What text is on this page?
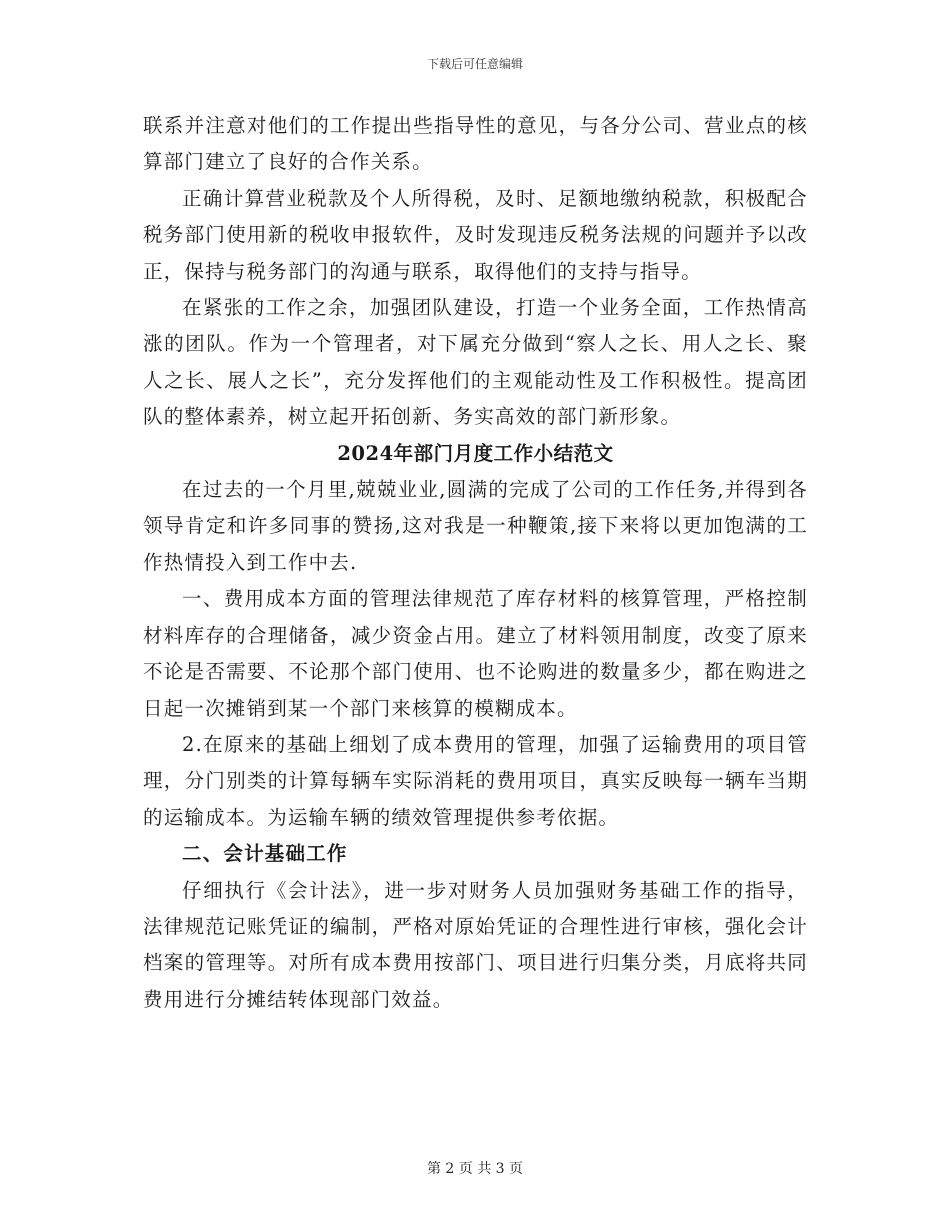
下载后可任意编辑

联系并注意对他们的工作提出些指导性的意见，与各分公司、营业点的核算部门建立了良好的合作关系。

正确计算营业税款及个人所得税，及时、足额地缴纳税款，积极配合税务部门使用新的税收申报软件，及时发现违反税务法规的问题并予以改正，保持与税务部门的沟通与联系，取得他们的支持与指导。

在紧张的工作之余，加强团队建设，打造一个业务全面，工作热情高涨的团队。作为一个管理者，对下属充分做到“察人之长、用人之长、聚人之长、展人之长”，充分发挥他们的主观能动性及工作积极性。提高团队的整体素养，树立起开拓创新、务实高效的部门新形象。

2024年部门月度工作小结范文

在过去的一个月里,兢兢业业,圆满的完成了公司的工作任务,并得到各领导肯定和许多同事的赞扬,这对我是一种鞭策,接下来将以更加饱满的工作热情投入到工作中去.

一、费用成本方面的管理法律规范了库存材料的核算管理，严格控制材料库存的合理储备，减少资金占用。建立了材料领用制度，改变了原来不论是否需要、不论那个部门使用、也不论购进的数量多少，都在购进之日起一次摊销到某一个部门来核算的模糊成本。

2.在原来的基础上细划了成本费用的管理，加强了运输费用的项目管理，分门别类的计算每辆车实际消耗的费用项目，真实反映每一辆车当期的运输成本。为运输车辆的绩效管理提供参考依据。

二、会计基础工作

仔细执行《会计法》，进一步对财务人员加强财务基础工作的指导，法律规范记账凭证的编制，严格对原始凭证的合理性进行审核，强化会计档案的管理等。对所有成本费用按部门、项目进行归集分类，月底将共同费用进行分摊结转体现部门效益。

第 2 页 共 3 页
